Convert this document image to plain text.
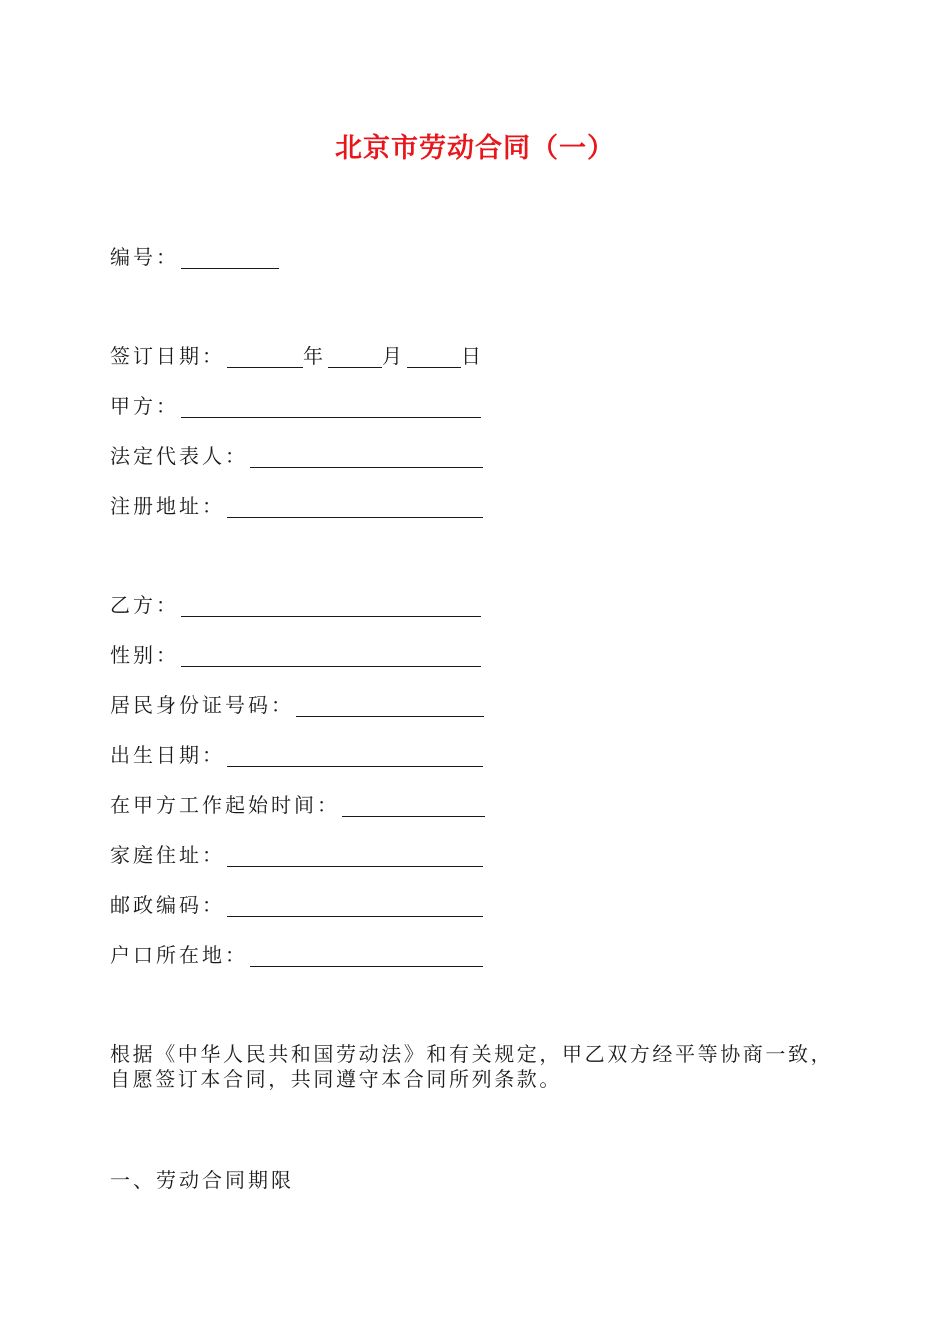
北京市劳动合同（一）
编号：
签订日期：	年	月	日
甲方：
法定代表人：
注册地址：
乙方：
性别：
居民身份证号码：
出生日期：
在甲方工作起始时间：
家庭住址：
邮政编码：
户口所在地：

根据《中华人民共和国劳动法》和有关规定，甲乙双方经平等协商一致，

自愿签订本合同，共同遵守本合同所列条款。

一、劳动合同期限
